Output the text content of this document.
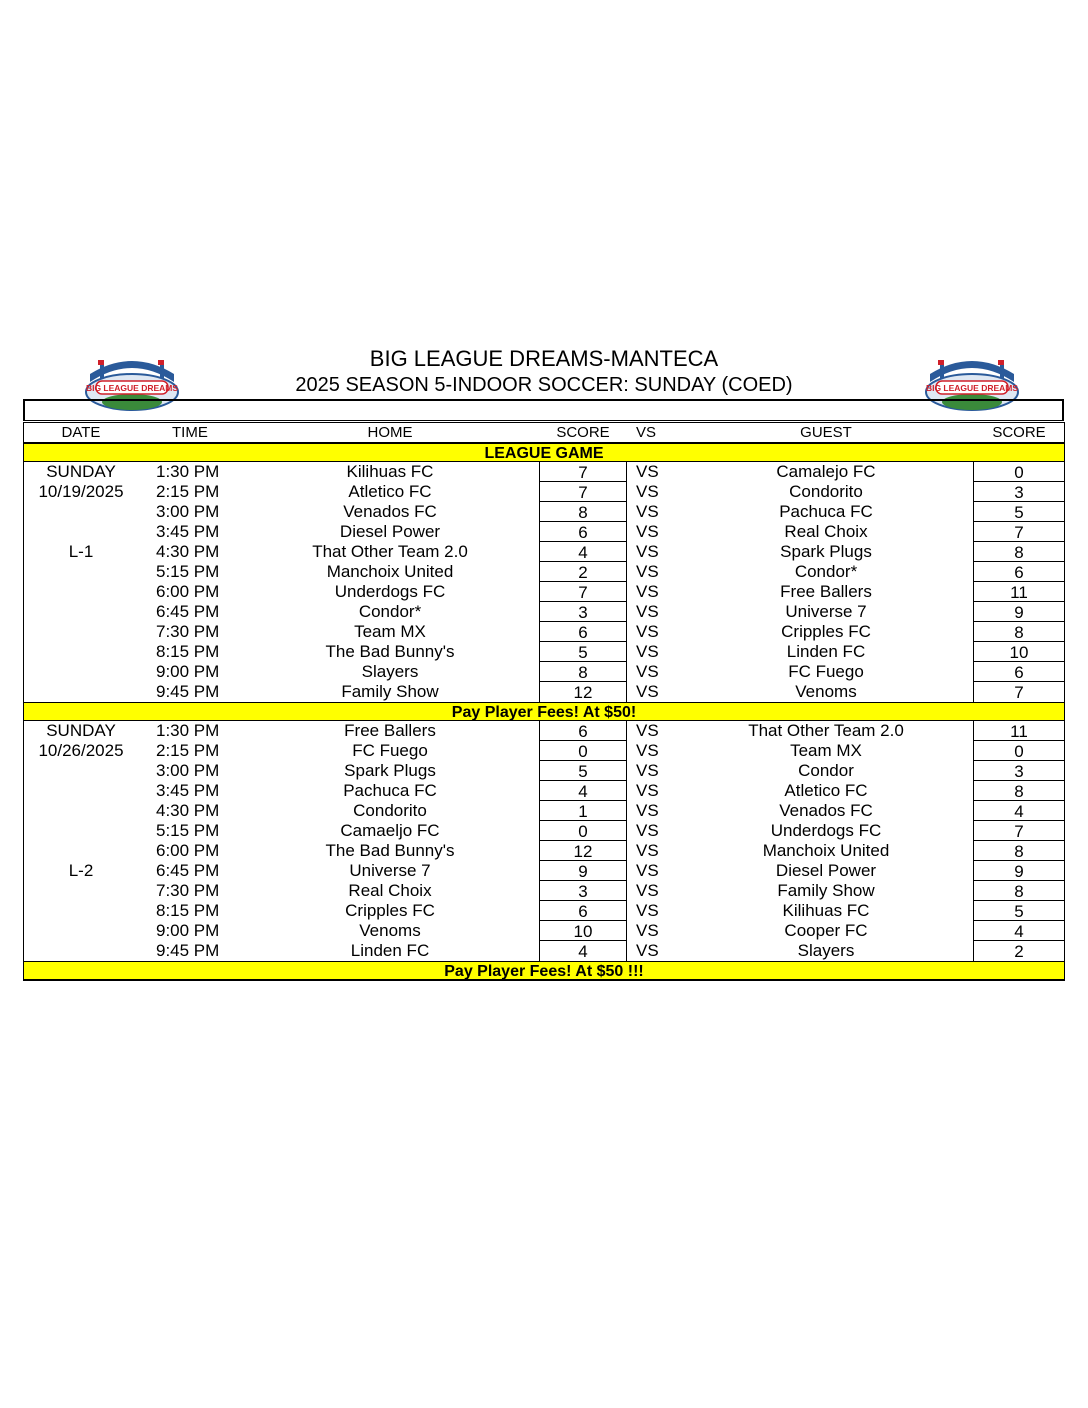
BIG LEAGUE DREAMS	BIG LEAGUE DREAMS
BIG LEAGUE DREAMS-MANTECA
2025 SEASON 5-INDOOR SOCCER: SUNDAY (COED)
DATE	TIME	HOME	SCORE	VS	GUEST	SCORE
LEAGUE GAME
SUNDAY	1:30 PM	Kilihuas FC	7	VS	Camalejo FC	0
10/19/2025	2:15 PM	Atletico FC	7	VS	Condorito	3
3:00 PM	Venados FC	8	VS	Pachuca FC	5
3:45 PM	Diesel Power	6	VS	Real Choix	7
L-1	4:30 PM	That Other Team 2.0	4	VS	Spark Plugs	8
5:15 PM	Manchoix United	2	VS	Condor*	6
6:00 PM	Underdogs FC	7	VS	Free Ballers	11
6:45 PM	Condor*	3	VS	Universe 7	9
7:30 PM	Team MX	6	VS	Cripples FC	8
8:15 PM	The Bad Bunny's	5	VS	Linden FC	10
9:00 PM	Slayers	8	VS	FC Fuego	6
9:45 PM	Family Show	12	VS	Venoms	7
Pay Player Fees! At $50!
SUNDAY	1:30 PM	Free Ballers	6	VS	That Other Team 2.0	11
10/26/2025	2:15 PM	FC Fuego	0	VS	Team MX	0
3:00 PM	Spark Plugs	5	VS	Condor	3
3:45 PM	Pachuca FC	4	VS	Atletico FC	8
4:30 PM	Condorito	1	VS	Venados FC	4
5:15 PM	Camaeljo FC	0	VS	Underdogs FC	7
6:00 PM	The Bad Bunny's	12	VS	Manchoix United	8
L-2	6:45 PM	Universe 7	9	VS	Diesel Power	9
7:30 PM	Real Choix	3	VS	Family Show	8
8:15 PM	Cripples FC	6	VS	Kilihuas FC	5
9:00 PM	Venoms	10	VS	Cooper FC	4
9:45 PM	Linden FC	4	VS	Slayers	2
Pay Player Fees! At $50 !!!
